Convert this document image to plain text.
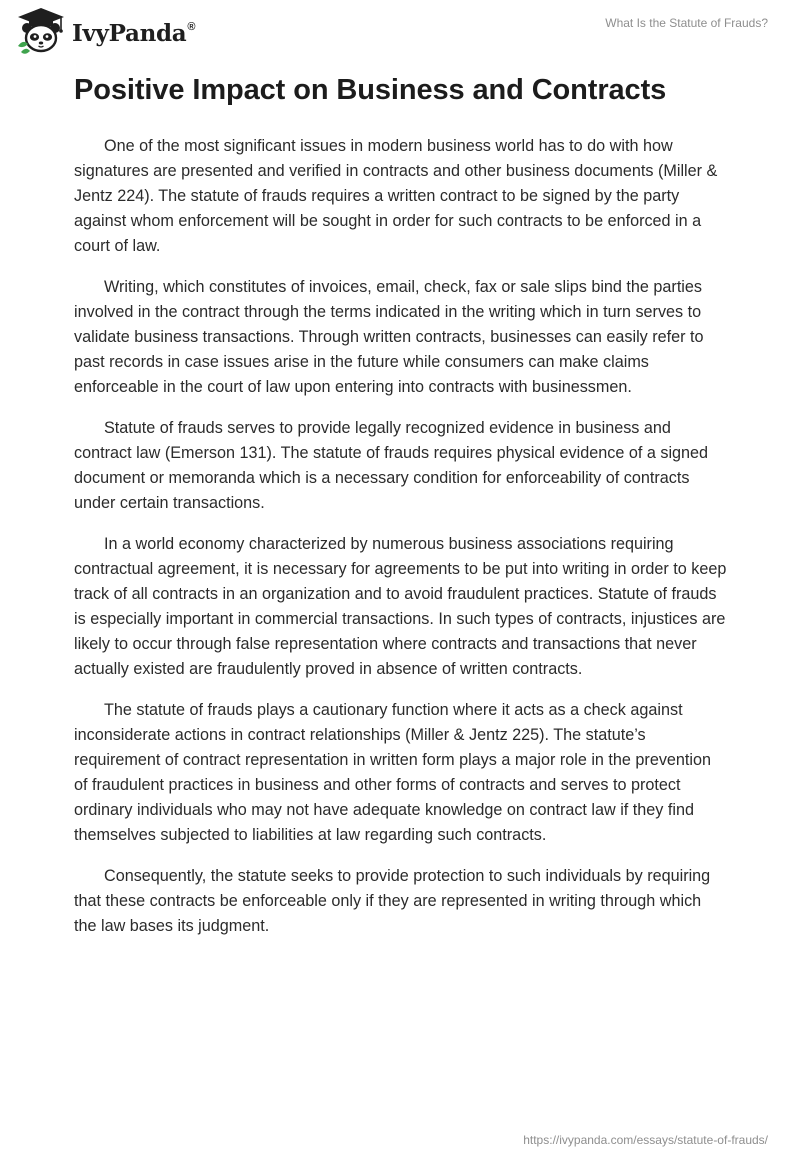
IvyPanda®	What Is the Statute of Frauds?
Positive Impact on Business and Contracts

One of the most significant issues in modern business world has to do with how signatures are presented and verified in contracts and other business documents (Miller & Jentz 224). The statute of frauds requires a written contract to be signed by the party against whom enforcement will be sought in order for such contracts to be enforced in a court of law.

Writing, which constitutes of invoices, email, check, fax or sale slips bind the parties involved in the contract through the terms indicated in the writing which in turn serves to validate business transactions. Through written contracts, businesses can easily refer to past records in case issues arise in the future while consumers can make claims enforceable in the court of law upon entering into contracts with businessmen.

Statute of frauds serves to provide legally recognized evidence in business and contract law (Emerson 131). The statute of frauds requires physical evidence of a signed document or memoranda which is a necessary condition for enforceability of contracts under certain transactions.

In a world economy characterized by numerous business associations requiring contractual agreement, it is necessary for agreements to be put into writing in order to keep track of all contracts in an organization and to avoid fraudulent practices. Statute of frauds is especially important in commercial transactions. In such types of contracts, injustices are likely to occur through false representation where contracts and transactions that never actually existed are fraudulently proved in absence of written contracts.

The statute of frauds plays a cautionary function where it acts as a check against inconsiderate actions in contract relationships (Miller & Jentz 225). The statute’s requirement of contract representation in written form plays a major role in the prevention of fraudulent practices in business and other forms of contracts and serves to protect ordinary individuals who may not have adequate knowledge on contract law if they find themselves subjected to liabilities at law regarding such contracts.

Consequently, the statute seeks to provide protection to such individuals by requiring that these contracts be enforceable only if they are represented in writing through which the law bases its judgment.

https://ivypanda.com/essays/statute-of-frauds/
